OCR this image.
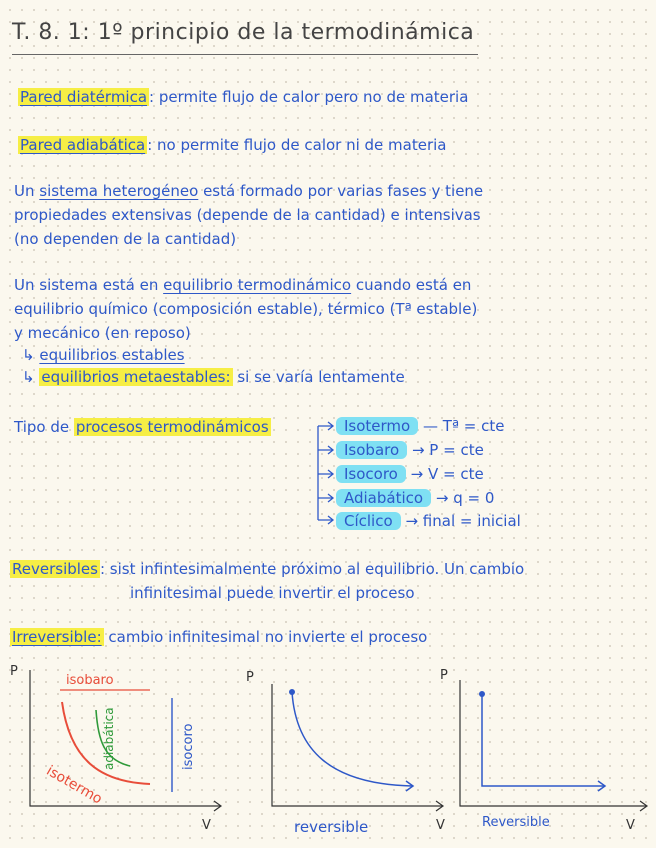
T. 8. 1: 1º principio de la termodinámica
Pared diatérmica : permite flujo de calor pero no de materia
Pared adiabática : no permite flujo de calor ni de materia
Un sistema heterogéneo está formado por varias fases y tiene
propiedades extensivas (depende de la cantidad) e intensivas
(no dependen de la cantidad)
Un sistema está en equilibrio termodinámico cuando está en
equilibrio químico (composición estable), térmico (Tª estable)
y mecánico (en reposo)
↳ equilibrios estables
↳ equilibrios metaestables: si se varía lentamente
Tipo de procesos termodinámicos	Isotermo — Tª = cte
Isobaro → P = cte
Isocoro → V = cte
Adiabático → q = 0
Cíclico → final = inicial
Reversibles : sist infintesimalmente próximo al equilibrio. Un cambio
infinitesimal puede invertir el proceso
Irreversible: cambio infinitesimal no invierte el proceso
P
isobaro
isotermo
adiabática	isocoro
V
P
reversible	V
P
Reversible	V
